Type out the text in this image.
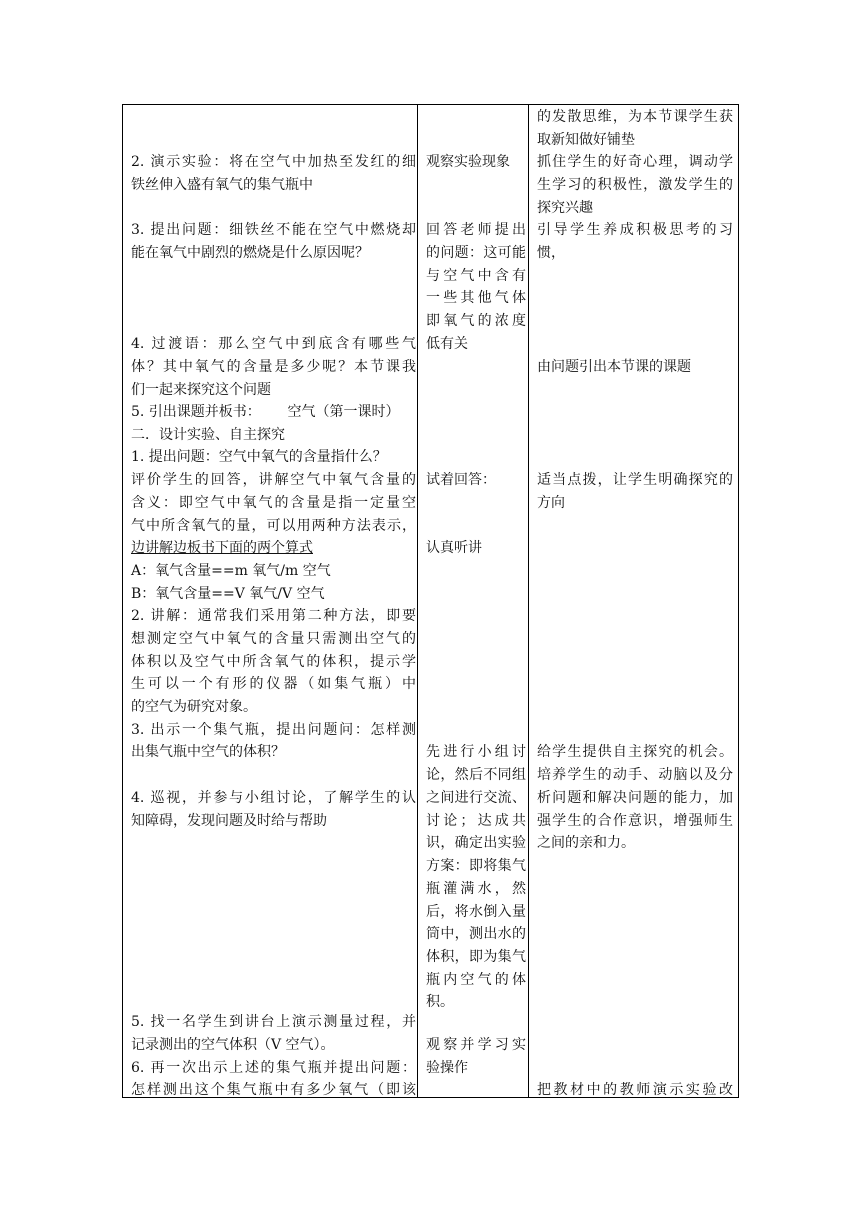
2. 演示实验：将在空气中加热至发红的细

铁丝伸入盛有氧气的集气瓶中

3. 提出问题：细铁丝不能在空气中燃烧却

能在氧气中剧烈的燃烧是什么原因呢？

4. 过渡语：那么空气中到底含有哪些气

体？其中氧气的含量是多少呢？本节课我

们一起来探究这个问题

5. 引出课题并板书：      空气（第一课时）

二．设计实验、自主探究

1. 提出问题：空气中氧气的含量指什么？

评价学生的回答，讲解空气中氧气含量的

含义：即空气中氧气的含量是指一定量空

气中所含氧气的量，可以用两种方法表示，

边讲解边板书下面的两个算式

A：氧气含量==m 氧气/m 空气

B：氧气含量==V 氧气/V 空气

2. 讲解：通常我们采用第二种方法，即要

想测定空气中氧气的含量只需测出空气的

体积以及空气中所含氧气的体积，提示学

生可以一个有形的仪器（如集气瓶）中

的空气为研究对象。

3. 出示一个集气瓶，提出问题问：怎样测

出集气瓶中空气的体积？

4. 巡视，并参与小组讨论，了解学生的认

知障碍，发现问题及时给与帮助

5. 找一名学生到讲台上演示测量过程，并

记录测出的空气体积（V 空气）。

6. 再一次出示上述的集气瓶并提出问题：

怎样测出这个集气瓶中有多少氧气（即该

观察实验现象

回答老师提出

的问题：这可能

与空气中含有

一些其他气体

即氧气的浓度

低有关

试着回答：

认真听讲

先进行小组讨

论，然后不同组

之间进行交流、

讨论；达成共

识，确定出实验

方案：即将集气

瓶灌满水，然

后，将水倒入量

筒中，测出水的

体积，即为集气

瓶内空气的体

积。

观察并学习实

验操作

的发散思维，为本节课学生获

取新知做好铺垫

抓住学生的好奇心理，调动学

生学习的积极性，激发学生的

探究兴趣

引导学生养成积极思考的习

惯，

由问题引出本节课的课题

适当点拨，让学生明确探究的

方向

给学生提供自主探究的机会。

培养学生的动手、动脑以及分

析问题和解决问题的能力，加

强学生的合作意识，增强师生

之间的亲和力。

把教材中的教师演示实验改
